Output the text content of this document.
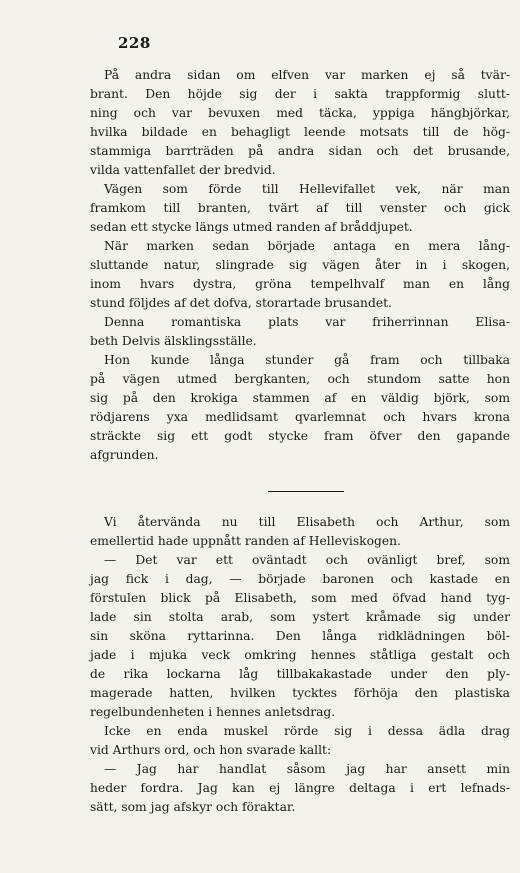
228
På andra sidan om elfven var marken ej så tvär-
brant. Den höjde sig der i sakta trappformig slutt-
ning och var bevuxen med täcka, yppiga hängbjörkar,
hvilka bildade en behagligt leende motsats till de hög-
stammiga barrträden på andra sidan och det brusande,
vilda vattenfallet der bredvid.
Vägen som förde till Hellevifallet vek, när man
framkom till branten, tvärt af till venster och gick
sedan ett stycke längs utmed randen af bråddjupet.
När marken sedan började antaga en mera lång-
sluttande natur, slingrade sig vägen åter in i skogen,
inom hvars dystra, gröna tempelhvalf man en lång
stund följdes af det dofva, storartade brusandet.
Denna romantiska plats var friherrinnan Elisa-
beth Delvis älsklingsställe.
Hon kunde långa stunder gå fram och tillbaka
på vägen utmed bergkanten, och stundom satte hon
sig på den krokiga stammen af en väldig björk, som
rödjarens yxa medlidsamt qvarlemnat och hvars krona
sträckte sig ett godt stycke fram öfver den gapande
afgrunden.
Vi återvända nu till Elisabeth och Arthur, som
emellertid hade uppnått randen af Helleviskogen.
— Det var ett oväntadt och ovänligt bref, som
jag fick i dag, — började baronen och kastade en
förstulen blick på Elisabeth, som med öfvad hand tyg-
lade sin stolta arab, som ystert kråmade sig under
sin sköna ryttarinna. Den långa ridklädningen böl-
jade i mjuka veck omkring hennes ståtliga gestalt och
de rika lockarna låg tillbakakastade under den ply-
magerade hatten, hvilken tycktes förhöja den plastiska
regelbundenheten i hennes anletsdrag.
Icke en enda muskel rörde sig i dessa ädla drag
vid Arthurs ord, och hon svarade kallt:
— Jag har handlat såsom jag har ansett min
heder fordra. Jag kan ej längre deltaga i ert lefnads-
sätt, som jag afskyr och föraktar.
